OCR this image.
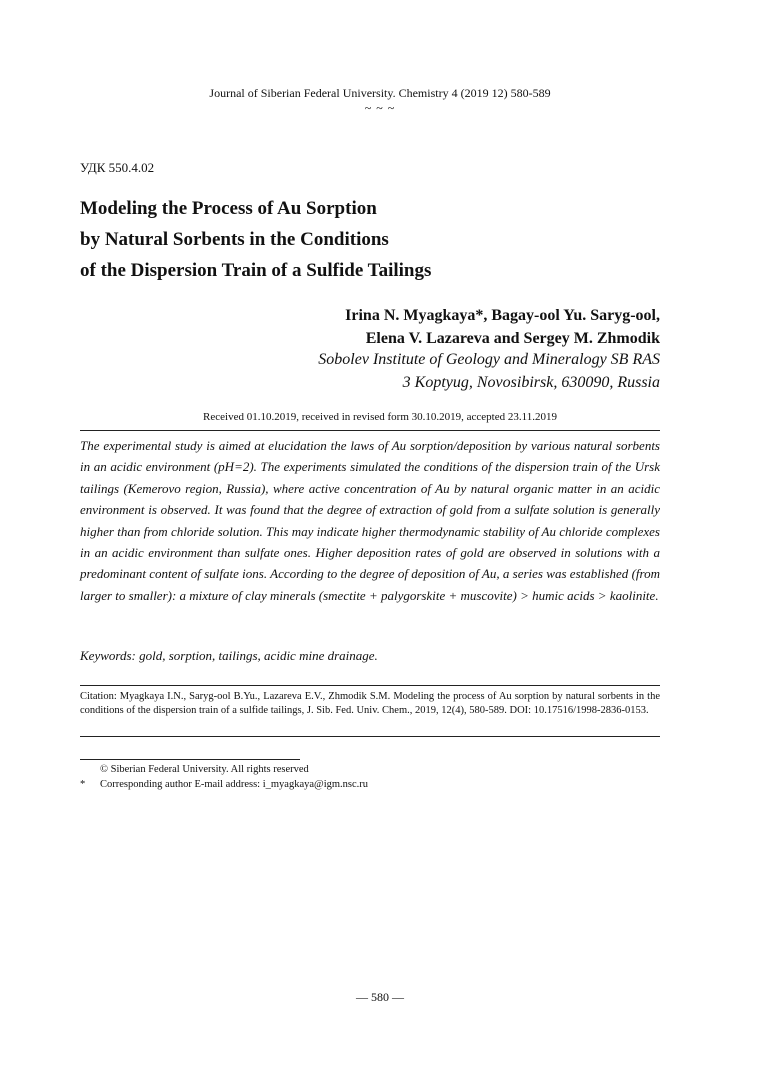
Journal of Siberian Federal University. Chemistry 4 (2019 12) 580-589
~ ~ ~
УДК 550.4.02
Modeling the Process of Au Sorption
by Natural Sorbents in the Conditions
of the Dispersion Train of a Sulfide Tailings
Irina N. Myagkaya*, Bagay-ool Yu. Saryg-ool,
Elena V. Lazareva and Sergey M. Zhmodik
Sobolev Institute of Geology and Mineralogy SB RAS
3 Koptyug, Novosibirsk, 630090, Russia
Received 01.10.2019, received in revised form 30.10.2019, accepted 23.11.2019
The experimental study is aimed at elucidation the laws of Au sorption/deposition by various natural sorbents in an acidic environment (pH=2). The experiments simulated the conditions of the dispersion train of the Ursk tailings (Kemerovo region, Russia), where active concentration of Au by natural organic matter in an acidic environment is observed. It was found that the degree of extraction of gold from a sulfate solution is generally higher than from chloride solution. This may indicate higher thermodynamic stability of Au chloride complexes in an acidic environment than sulfate ones. Higher deposition rates of gold are observed in solutions with a predominant content of sulfate ions. According to the degree of deposition of Au, a series was established (from larger to smaller): a mixture of clay minerals (smectite + palygorskite + muscovite) > humic acids > kaolinite.
Keywords: gold, sorption, tailings, acidic mine drainage.
Citation: Myagkaya I.N., Saryg-ool B.Yu., Lazareva E.V., Zhmodik S.M. Modeling the process of Au sorption by natural sorbents in the conditions of the dispersion train of a sulfide tailings, J. Sib. Fed. Univ. Chem., 2019, 12(4), 580-589. DOI: 10.17516/1998-2836-0153.
© Siberian Federal University. All rights reserved
* Corresponding author E-mail address: i_myagkaya@igm.nsc.ru
― 580 ―
